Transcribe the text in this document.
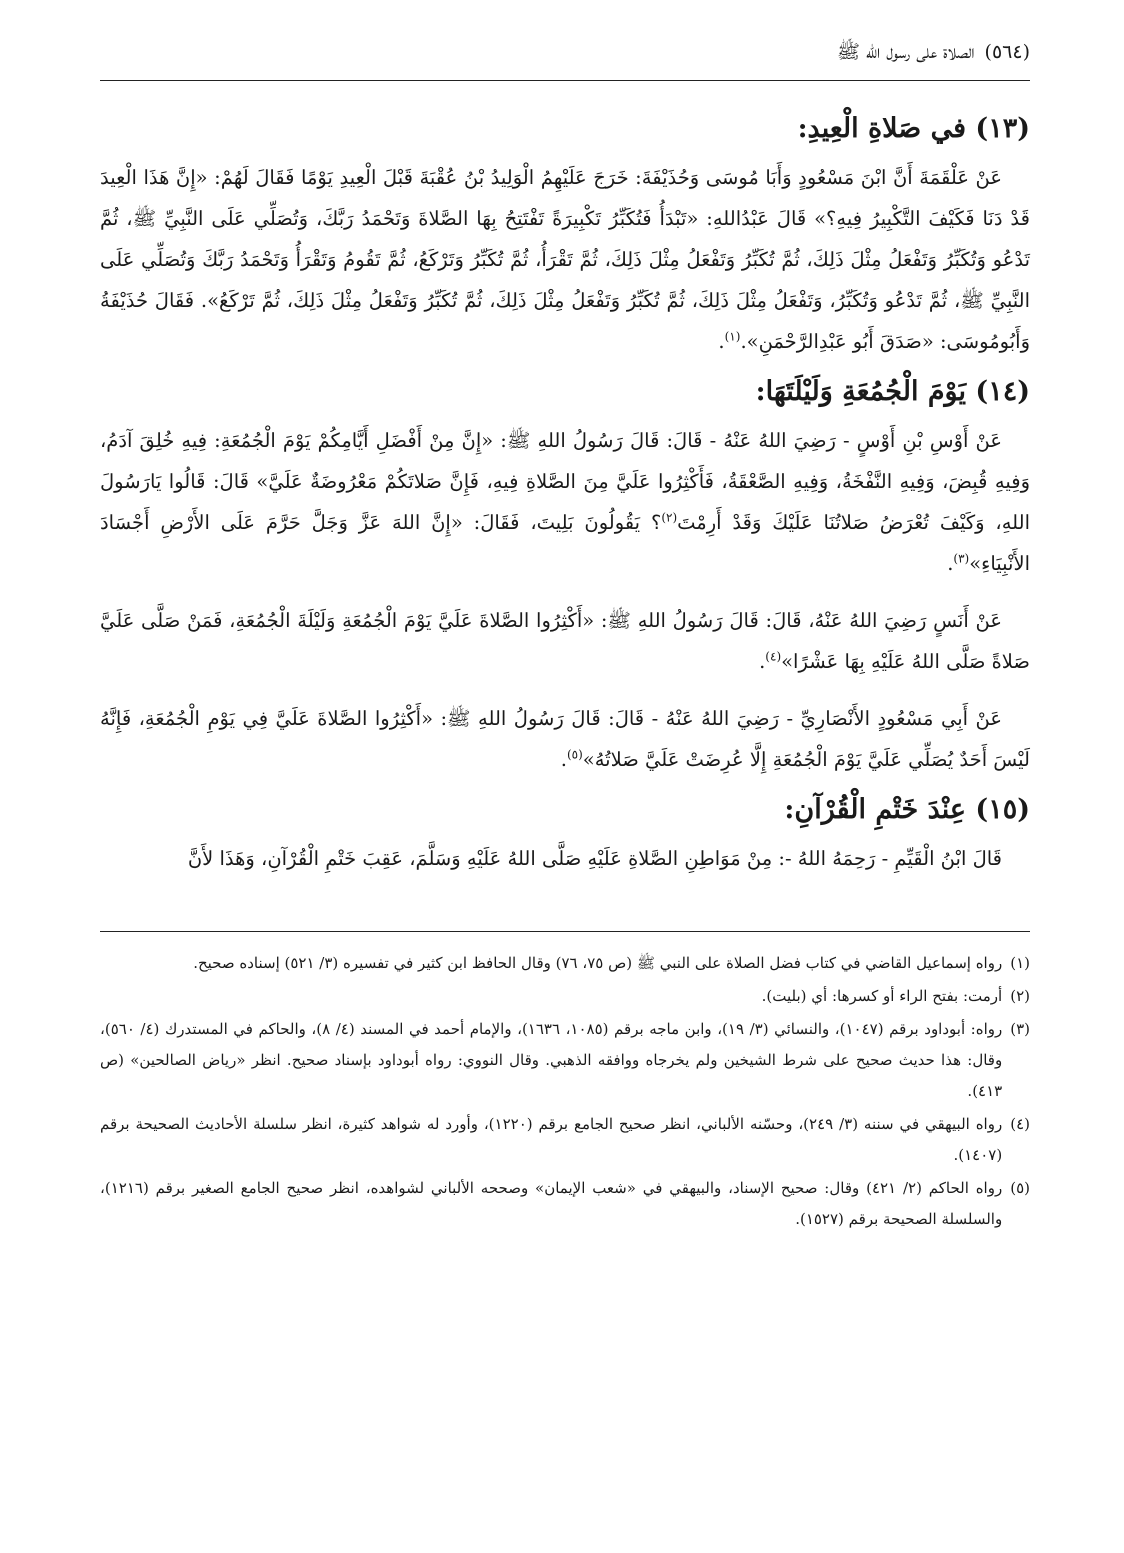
(٥٦٤)
الصلاة على رسول الله ﷺ
(١٣) في صَلاةِ الْعِيدِ:

عَنْ عَلْقَمَةَ أَنَّ ابْنَ مَسْعُودٍ وَأَبَا مُوسَى وَحُذَيْفَةَ: خَرَجَ عَلَيْهِمُ الْوَلِيدُ بْنُ عُقْبَةَ قَبْلَ الْعِيدِ يَوْمًا فَقَالَ لَهُمْ: «إِنَّ هَذَا الْعِيدَ قَدْ دَنَا فَكَيْفَ التَّكْبِيرُ فِيهِ؟» قَالَ عَبْدُاللهِ: «تَبْدَأُ فَتُكَبِّرُ تَكْبِيرَةً تَفْتَتِحُ بِهَا الصَّلاةَ وَتَحْمَدُ رَبَّكَ، وَتُصَلِّي عَلَى النَّبِيِّ ﷺ، ثُمَّ تَدْعُو وَتُكَبِّرُ وَتَفْعَلُ مِثْلَ ذَلِكَ، ثُمَّ تُكَبِّرُ وَتَفْعَلُ مِثْلَ ذَلِكَ، ثُمَّ تَقْرَأُ، ثُمَّ تُكَبِّرُ وَتَرْكَعُ، ثُمَّ تَقُومُ وَتَقْرَأُ وَتَحْمَدُ رَبَّكَ وَتُصَلِّي عَلَى النَّبِيِّ ﷺ، ثُمَّ تَدْعُو وَتُكَبِّرُ، وَتَفْعَلُ مِثْلَ ذَلِكَ، ثُمَّ تُكَبِّرُ وَتَفْعَلُ مِثْلَ ذَلِكَ، ثُمَّ تُكَبِّرُ وَتَفْعَلُ مِثْلَ ذَلِكَ، ثُمَّ تَرْكَعُ». فَقَالَ حُذَيْفَةُ وَأَبُومُوسَى: «صَدَقَ أَبُو عَبْدِالرَّحْمَنِ».$^{(١)}$.

(١٤) يَوْمَ الْجُمُعَةِ وَلَيْلَتَهَا:

عَنْ أَوْسِ بْنِ أَوْسٍ - رَضِيَ اللهُ عَنْهُ - قَالَ: قَالَ رَسُولُ اللهِ ﷺ: «إِنَّ مِنْ أَفْضَلِ أَيَّامِكُمْ يَوْمَ الْجُمُعَةِ: فِيهِ خُلِقَ آدَمُ، وَفِيهِ قُبِضَ، وَفِيهِ النَّفْخَةُ، وَفِيهِ الصَّعْقَةُ، فَأَكْثِرُوا عَلَيَّ مِنَ الصَّلاةِ فِيهِ، فَإِنَّ صَلاتَكُمْ مَعْرُوضَةٌ عَلَيَّ» قَالَ: قَالُوا يَارَسُولَ اللهِ، وَكَيْفَ تُعْرَضُ صَلاتُنَا عَلَيْكَ وَقَدْ أَرِمْتَ$^{(٢)}$؟ يَقُولُونَ بَلِيتَ، فَقَالَ: «إِنَّ اللهَ عَزَّ وَجَلَّ حَرَّمَ عَلَى الأَرْضِ أَجْسَادَ الأَنْبِيَاءِ»$^{(٣)}$.

عَنْ أَنَسٍ رَضِيَ اللهُ عَنْهُ، قَالَ: قَالَ رَسُولُ اللهِ ﷺ: «أَكْثِرُوا الصَّلاةَ عَلَيَّ يَوْمَ الْجُمُعَةِ وَلَيْلَةَ الْجُمُعَةِ، فَمَنْ صَلَّى عَلَيَّ صَلاةً صَلَّى اللهُ عَلَيْهِ بِهَا عَشْرًا»$^{(٤)}$.

عَنْ أَبِي مَسْعُودٍ الأَنْصَارِيِّ - رَضِيَ اللهُ عَنْهُ - قَالَ: قَالَ رَسُولُ اللهِ ﷺ: «أَكْثِرُوا الصَّلاةَ عَلَيَّ فِي يَوْمِ الْجُمُعَةِ، فَإِنَّهُ لَيْسَ أَحَدٌ يُصَلِّي عَلَيَّ يَوْمَ الْجُمُعَةِ إِلَّا عُرِضَتْ عَلَيَّ صَلاتُهُ»$^{(٥)}$.

(١٥) عِنْدَ خَتْمِ الْقُرْآنِ:

قَالَ ابْنُ الْقَيِّمِ - رَحِمَهُ اللهُ -: مِنْ مَوَاطِنِ الصَّلاةِ عَلَيْهِ صَلَّى اللهُ عَلَيْهِ وَسَلَّمَ، عَقِبَ خَتْمِ الْقُرْآنِ، وَهَذَا لأَنَّ

(١)
رواه إسماعيل القاضي في كتاب فضل الصلاة على النبي ﷺ (ص ٧٥، ٧٦) وقال الحافظ ابن كثير في تفسيره (٣/ ٥٢١) إسناده صحيح.
(٢)
أرمت: بفتح الراء أو كسرها: أي (بليت).
(٣)
رواه: أبوداود برقم (١٠٤٧)، والنسائي (٣/ ١٩)، وابن ماجه برقم (١٠٨٥، ١٦٣٦)، والإمام أحمد في المسند (٤/ ٨)، والحاكم في المستدرك (٤/ ٥٦٠)، وقال: هذا حديث صحيح على شرط الشيخين ولم يخرجاه ووافقه الذهبي. وقال النووي: رواه أبوداود بإسناد صحيح. انظر «رياض الصالحين» (ص ٤١٣).
(٤)
رواه البيهقي في سننه (٣/ ٢٤٩)، وحسّنه الألباني، انظر صحيح الجامع برقم (١٢٢٠)، وأورد له شواهد كثيرة، انظر سلسلة الأحاديث الصحيحة برقم (١٤٠٧).
(٥)
رواه الحاكم (٢/ ٤٢١) وقال: صحيح الإسناد، والبيهقي في «شعب الإيمان» وصححه الألباني لشواهده، انظر صحيح الجامع الصغير برقم (١٢١٦)، والسلسلة الصحيحة برقم (١٥٢٧).
